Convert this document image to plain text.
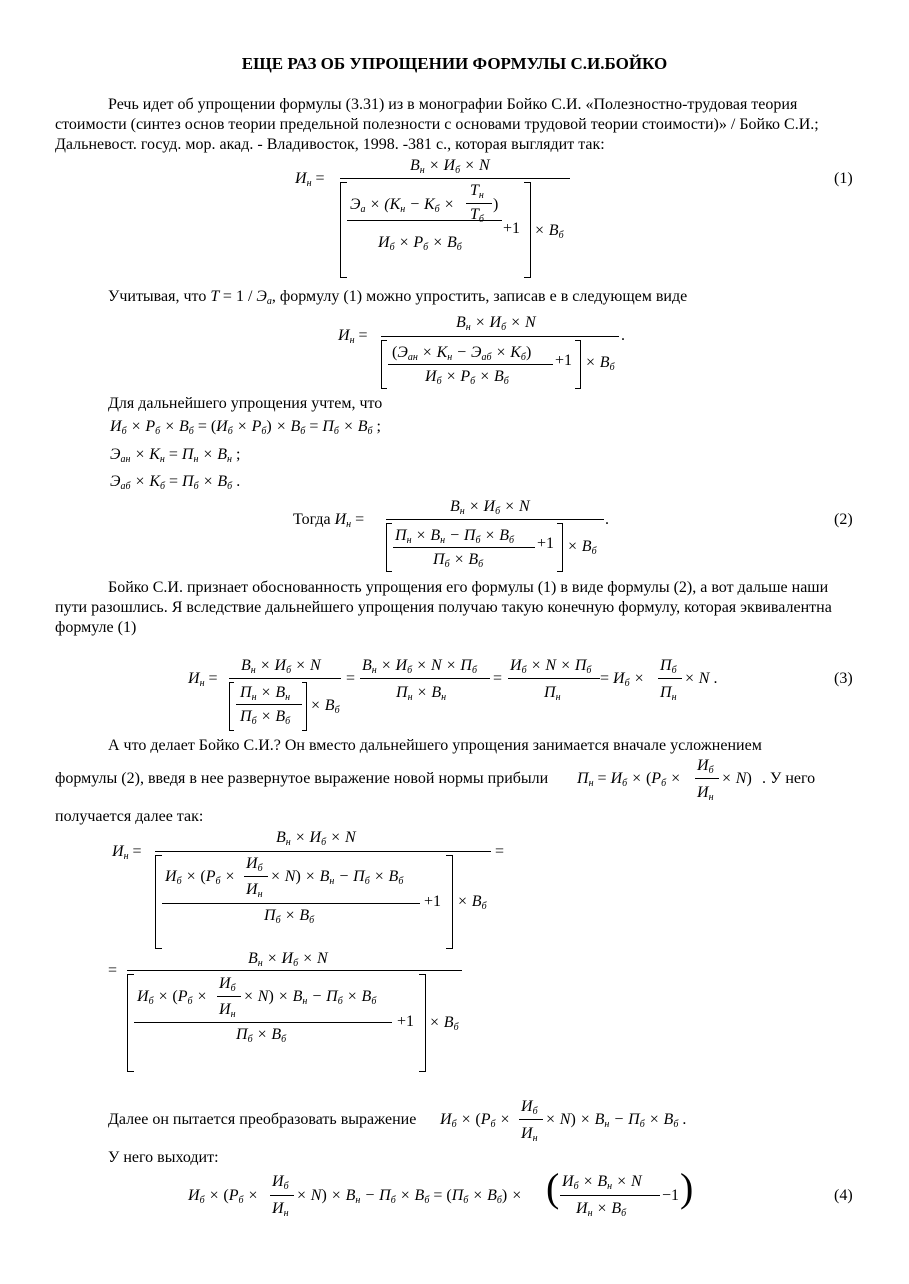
ЕЩЕ РАЗ ОБ УПРОЩЕНИИ ФОРМУЛЫ С.И.БОЙКО
Речь идет об упрощении формулы (3.31) из в монографии Бойко С.И. «Полезностно-трудовая теория стоимости (синтез основ теории предельной полезности с основами трудовой теории стоимости)» / Бойко С.И.; Дальневост. госуд. мор. акад. - Владивосток, 1998. -381 с., которая выглядит так:
$И_н$ =
$В_н \times И_б \times N$
$Э_а \times (К_н - К_б$ ×
$Т_н$
$Т_б$
)
$И_б \times Р_б \times В_б$
$+1 \times В_б$
(1)
Учитывая, что $T = 1 / Э_а$, формулу (1) можно упростить, записав е в следующем виде
$И_н$ =
$В_н \times И_б \times N$
$(Э_{ан} \times К_н - Э_{аб} \times К_б)$
$И_б \times Р_б \times В_б$
$+1 \times В_б$
.
Для дальнейшего упрощения учтем, что
$И_б \times Р_б \times В_б = (И_б \times Р_б) \times В_б = П_б \times В_б$ ;
$Э_{ан} \times К_н = П_н \times В_н$ ;
$Э_{аб} \times К_б = П_б \times В_б$ .
Тогда $И_н$ =
$В_н \times И_б \times N$
$П_н \times В_н - П_б \times В_б$
$П_б \times В_б$
$+1 \times В_б$
.	(2)
Бойко С.И. признает обоснованность упрощения его формулы (1) в виде формулы (2), а вот дальше наши пути разошлись. Я вследствие дальнейшего упрощения получаю такую конечную формулу, которая эквивалентна формуле (1)
$И_н$ =
$В_н \times И_б \times N$
$П_н \times В_н$
$П_б \times В_б$
× $В_б$
=
$В_н \times И_б \times N \times П_б$
$П_н \times В_н$
=
$И_б \times N \times П_б$
$П_н$
= $И_б$ ×
$П_б$
$П_н$
× N .	(3)
А что делает Бойко С.И.? Он вместо дальнейшего упрощения занимается вначале усложнением
формулы (2), введя в нее развернутое выражение новой нормы прибыли $П_н = И_б \times (Р_б$ ×
$И_б$
$И_н$
× N) . У него
получается далее так:
$И_н$ =
$В_н \times И_б \times N$
=
$И_б \times (Р_б$ ×
$И_б$
$И_н$
× $N) \times В_н - П_б \times В_б$
$П_б \times В_б$
$+1 \times В_б$
=
$В_н \times И_б \times N$
$И_б \times (Р_б$ ×
$И_б$
$И_н$
× $N) \times В_н - П_б \times В_б$
$П_б \times В_б$
$+1 \times В_б$
Далее он пытается преобразовать выражение $И_б \times (Р_б$ ×
$И_б$
$И_н$
× $N) \times В_н - П_б \times В_б$ .
У него выходит:
$И_б \times (Р_б$ ×
$И_б$
$И_н$
× $N) \times В_н - П_б \times В_б = (П_б \times В_б)$ × ( $И_б \times В_н \times N$
$И_н \times В_б$
−1 )	(4)
